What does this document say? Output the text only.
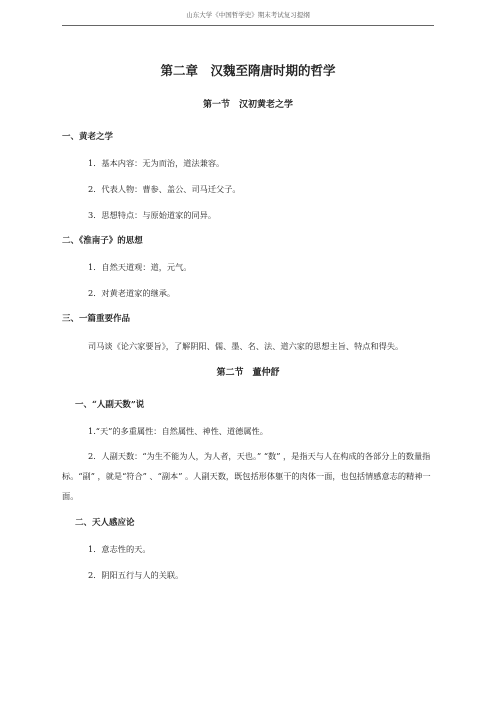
山东大学《中国哲学史》期末考试复习提纲
第二章　汉魏至隋唐时期的哲学
第一节　汉初黄老之学

一、黄老之学

1．基本内容：无为而治，道法兼容。

2．代表人物：曹参、盖公、司马迁父子。

3．思想特点：与原始道家的同异。

二、《淮南子》的思想

1．自然天道观：道，元气。

2．对黄老道家的继承。

三、一篇重要作品

司马谈《论六家要旨》，了解阴阳、儒、墨、名、法、道六家的思想主旨、特点和得失。

第二节　董仲舒

一、“人副天数”说

1.“天”的多重属性：自然属性、神性、道德属性。

2．人副天数：“为生不能为人，为人者，天也。” “数” ，是指天与人在构成的各部分上的数量指标。“副” ，就是“符合” 、“副本” 。人副天数，既包括形体躯干的肉体一面，也包括情感意志的精神一面。

二、天人感应论

1．意志性的天。

2．阴阳五行与人的关联。
